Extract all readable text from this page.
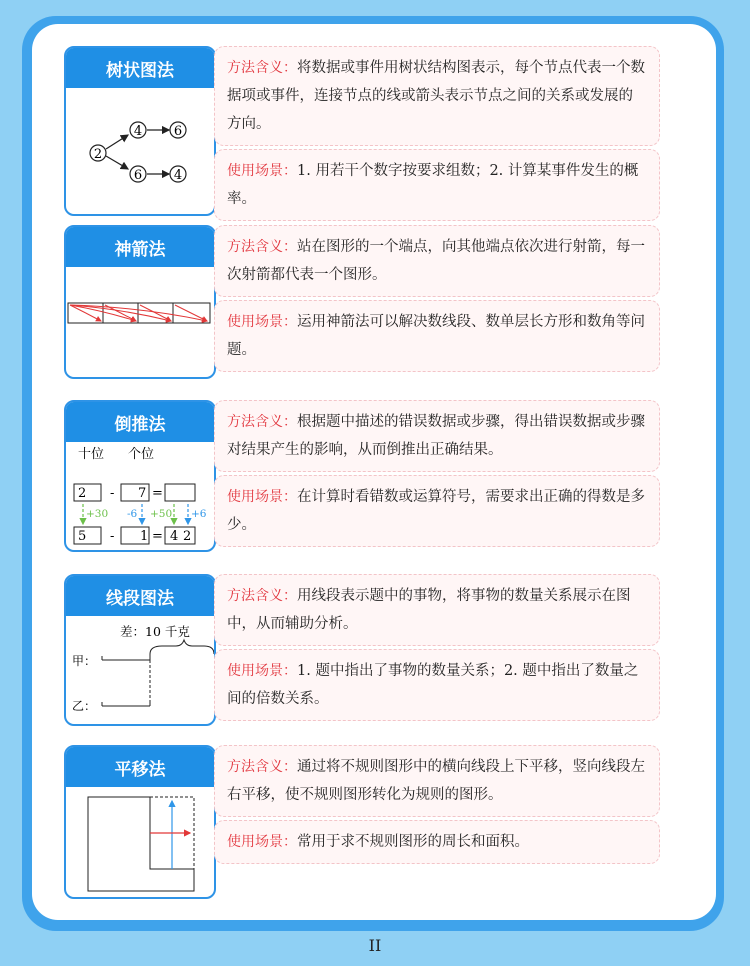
树状图法
2
4 6
6 4
方法含义：将数据或事件用树状结构图表示，每个节点代表一个数据项或事件，连接节点的线或箭头表示节点之间的关系或发展的方向。
使用场景：1. 用若干个数字按要求组数；2. 计算某事件发生的概率。
神箭法	方法含义：站在图形的一个端点，向其他端点依次进行射箭，每一次射箭都代表一个图形。
使用场景：运用神箭法可以解决数线段、数单层长方形和数角等问题。
倒推法
十位 个位
2 - 7 =
+30 -6 +50 +6
5 - 1 = 4 2
方法含义：根据题中描述的错误数据或步骤，得出错误数据或步骤对结果产生的影响，从而倒推出正确结果。
使用场景：在计算时看错数或运算符号，需要求出正确的得数是多少。
线段图法
差：10 千克
甲：
乙：
方法含义：用线段表示题中的事物，将事物的数量关系展示在图中，从而辅助分析。
使用场景：1. 题中指出了事物的数量关系；2. 题中指出了数量之间的倍数关系。
平移法	方法含义：通过将不规则图形中的横向线段上下平移，竖向线段左右平移，使不规则图形转化为规则的图形。
使用场景：常用于求不规则图形的周长和面积。
II
